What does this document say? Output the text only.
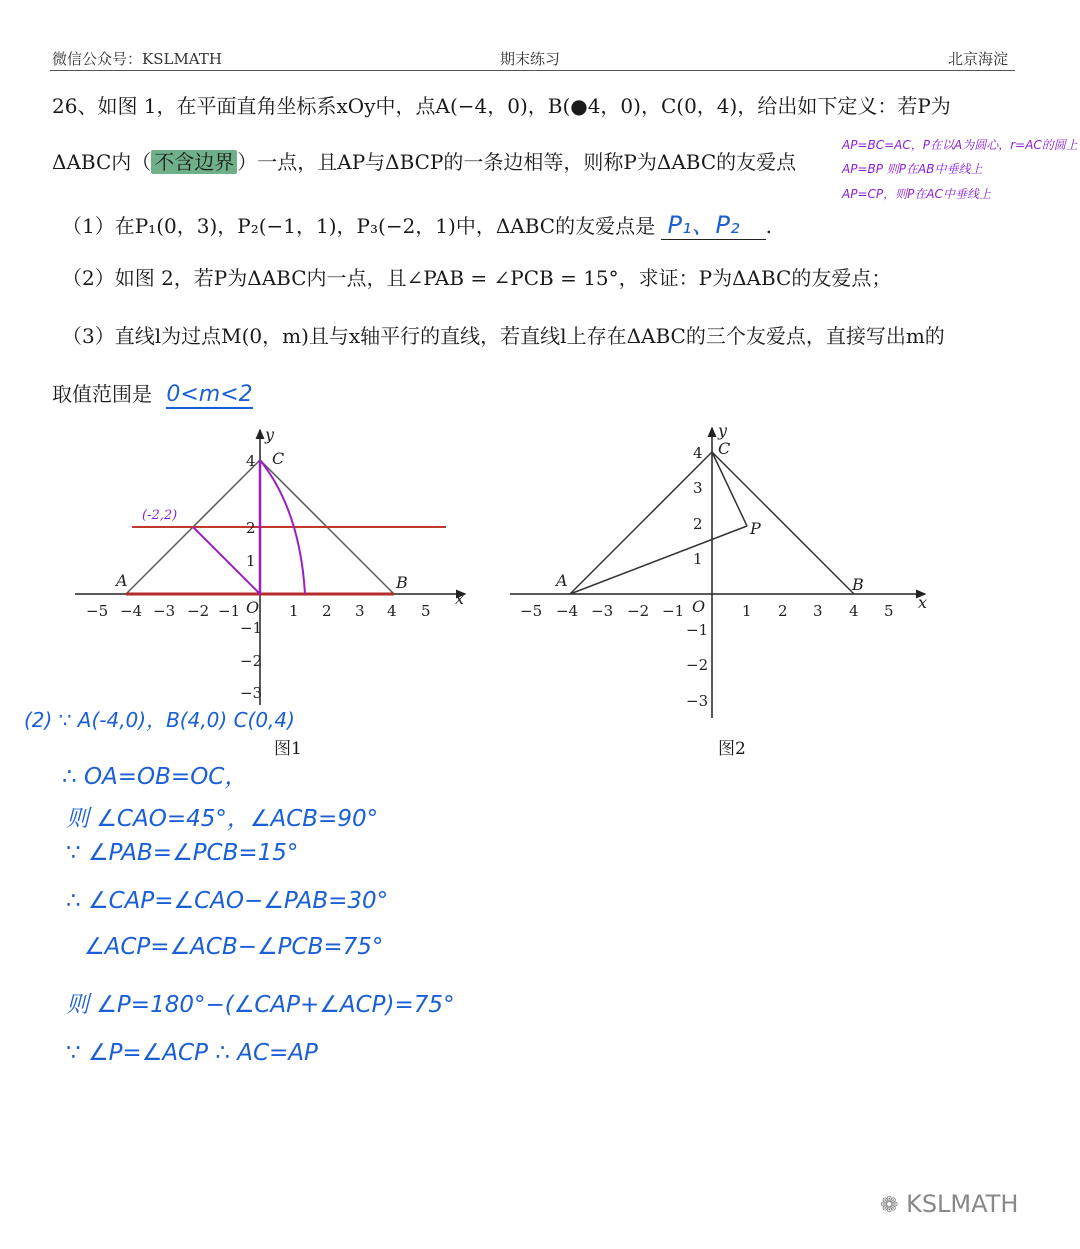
微信公众号：KSLMATH	期末练习	北京海淀
26、如图 1，在平面直角坐标系xOy中，点A(−4，0)，B(●4，0)，C(0，4)，给出如下定义：若P为
ΔABC内（ 不含边界 ）一点，且AP与ΔBCP的一条边相等，则称P为ΔABC的友爱点
（1）在P₁(0，3)，P₂(−1，1)，P₃(−2，1)中，ΔABC的友爱点是 P₁、P₂ .
（2）如图 2，若P为ΔABC内一点，且∠PAB = ∠PCB = 15°，求证：P为ΔABC的友爱点；
（3）直线l为过点M(0，m)且与x轴平行的直线，若直线l上存在ΔABC的三个友爱点，直接写出m的
取值范围是 0<m<2
AP=BC=AC，P在以A为圆心，r=AC的圆上
AP=BP 则P在AB中垂线上
AP=CP，则P在AC中垂线上
−5 −4 −3 −2 −1	1 2 3 4 5
4
2
1
−1
−2
−3
A	B
C
O	x
y
(-2,2)
图1
−5 −4 −3 −2 −1	1 2 3 4 5
4
3
2
1
−1
−2
−3
A	B
C
P
O	x
y
图2
(2) ∵ A(-4,0)，B(4,0) C(0,4)
∴ OA=OB=OC，
则 ∠CAO=45°，∠ACB=90°
∵ ∠PAB=∠PCB=15°
∴ ∠CAP=∠CAO−∠PAB=30°
∠ACP=∠ACB−∠PCB=75°
则 ∠P=180°−(∠CAP+∠ACP)=75°
∵ ∠P=∠ACP ∴ AC=AP
❁ KSLMATH
